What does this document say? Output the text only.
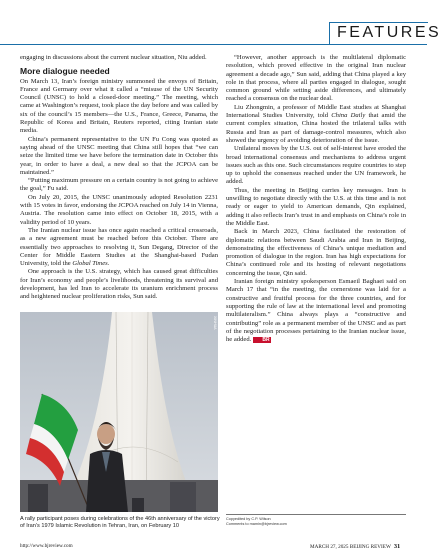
FEATURES

engaging in discussions about the current nuclear situation, Niu added.

More dialogue needed

On March 13, Iran’s foreign ministry summoned the envoys of Britain, France and Germany over what it called a “misuse of the UN Security Council (UNSC) to hold a closed-door meeting.” The meeting, which came at Washington’s request, took place the day before and was called by six of the council’s 15 members—the U.S., France, Greece, Panama, the Republic of Korea and Britain, Reuters reported, citing Iranian state media.

China’s permanent representative to the UN Fu Cong was quoted as saying ahead of the UNSC meeting that China still hopes that “we can seize the limited time we have before the termination date in October this year, in order to have a deal, a new deal so that the JCPOA can be maintained.”

“Putting maximum pressure on a certain country is not going to achieve the goal,” Fu said.

On July 20, 2015, the UNSC unanimously adopted Resolution 2231 with 15 votes in favor, endorsing the JCPOA reached on July 14 in Vienna, Austria. The resolution came into effect on October 18, 2015, with a validity period of 10 years.

The Iranian nuclear issue has once again reached a critical crossroads, as a new agreement must be reached before this October. There are essentially two approaches to resolving it, Sun Degang, Director of the Center for Middle Eastern Studies at the Shanghai-based Fudan University, told the Global Times.

One approach is the U.S. strategy, which has caused great difficulties for Iran’s economy and people’s livelihoods, threatening its survival and development, has led Iran to accelerate its uranium enrichment process and heightened nuclear proliferation risks, Sun said.

XINHUA
A rally participant poses during celebrations of the 46th anniversary of the victory of Iran’s 1979 Islamic Revolution in Tehran, Iran, on February 10

“However, another approach is the multilateral diplomatic resolution, which proved effective in the original Iran nuclear agreement a decade ago,” Sun said, adding that China played a key role in that process, where all parties engaged in dialogue, sought common ground while setting aside differences, and ultimately reached a consensus on the nuclear deal.

Liu Zhongmin, a professor of Middle East studies at Shanghai International Studies University, told China Daily that amid the current complex situation, China hosted the trilateral talks with Russia and Iran as part of damage-control measures, which also showed the urgency of avoiding deterioration of the issue.

Unilateral moves by the U.S. out of self-interest have eroded the broad international consensus and mechanisms to address urgent issues such as this one. Such circumstances require countries to step up to uphold the consensus reached under the UN framework, he added.

Thus, the meeting in Beijing carries key messages. Iran is unwilling to negotiate directly with the U.S. at this time and is not ready or eager to yield to American demands, Qin explained, adding it also reflects Iran’s trust in and emphasis on China’s role in the Middle East.

Back in March 2023, China facilitated the restoration of diplomatic relations between Saudi Arabia and Iran in Beijing, demonstrating the effectiveness of China’s unique mediation and promotion of dialogue in the region. Iran has high expectations for China’s continued role and its hosting of relevant negotiations concerning the issue, Qin said.

Iranian foreign ministry spokesperson Esmaeil Baghaei said on March 17 that “in the meeting, the cornerstone was laid for a constructive and fruitful process for the three countries, and for supporting the rule of law at the international level and promoting multilateralism.” China always plays a “constructive and contributing” role as a permanent member of the UNSC and as part of the negotiation processes pertaining to the Iranian nuclear issue, he added. BR

Copyedited by C.P. Wilson
Comments to mamin@bjreview.com
http://www.bjreview.com	MARCH 27, 2025 BEIJING REVIEW 31
